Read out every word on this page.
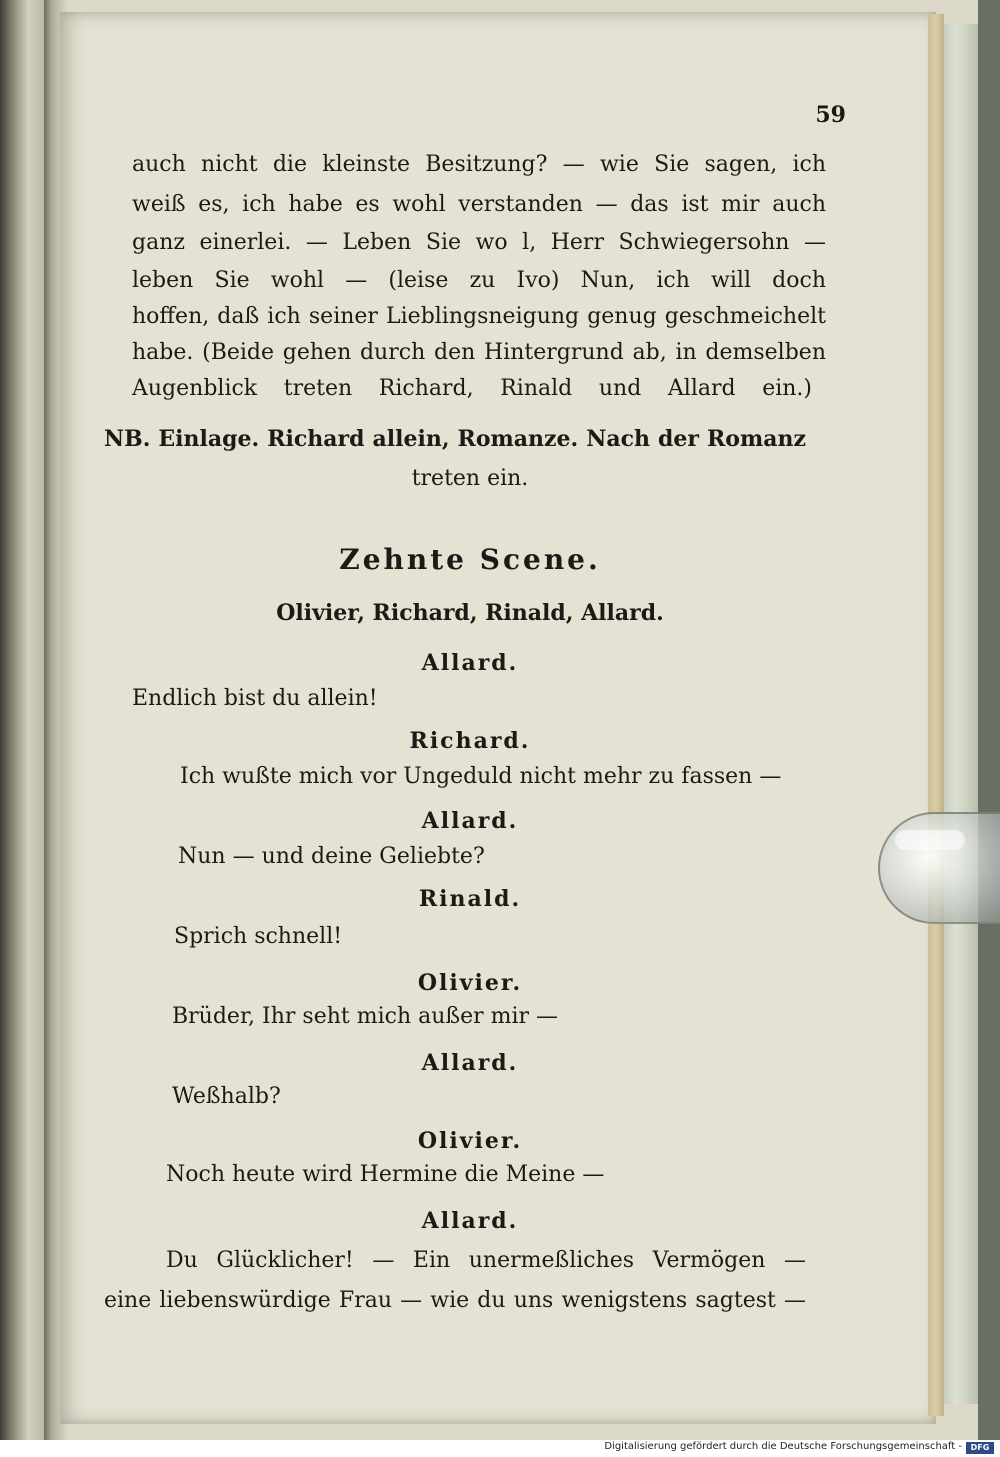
59
auch nicht die kleinste Besitzung? — wie Sie sagen, ich
weiß es, ich habe es wohl verstanden — das ist mir auch
ganz einerlei. — Leben Sie wo l, Herr Schwiegersohn —
leben Sie wohl — (leise zu Ivo) Nun, ich will doch
hoffen, daß ich seiner Lieblingsneigung genug geschmeichelt
habe. (Beide gehen durch den Hintergrund ab, in demselben
Augenblick treten Richard, Rinald und Allard ein.)
NB. Einlage. Richard allein, Romanze. Nach der Romanz
treten ein.
Zehnte Scene.
Olivier, Richard, Rinald, Allard.
Allard.
Endlich bist du allein!
Richard.
Ich wußte mich vor Ungeduld nicht mehr zu fassen —
Allard.
Nun — und deine Geliebte?
Rinald.
Sprich schnell!
Olivier.
Brüder, Ihr seht mich außer mir —
Allard.
Weßhalb?
Olivier.
Noch heute wird Hermine die Meine —
Allard.
Du Glücklicher! — Ein unermeßliches Vermögen —
eine liebenswürdige Frau — wie du uns wenigstens sagtest —
Digitalisierung gefördert durch die Deutsche Forschungsgemeinschaft -	DFG
